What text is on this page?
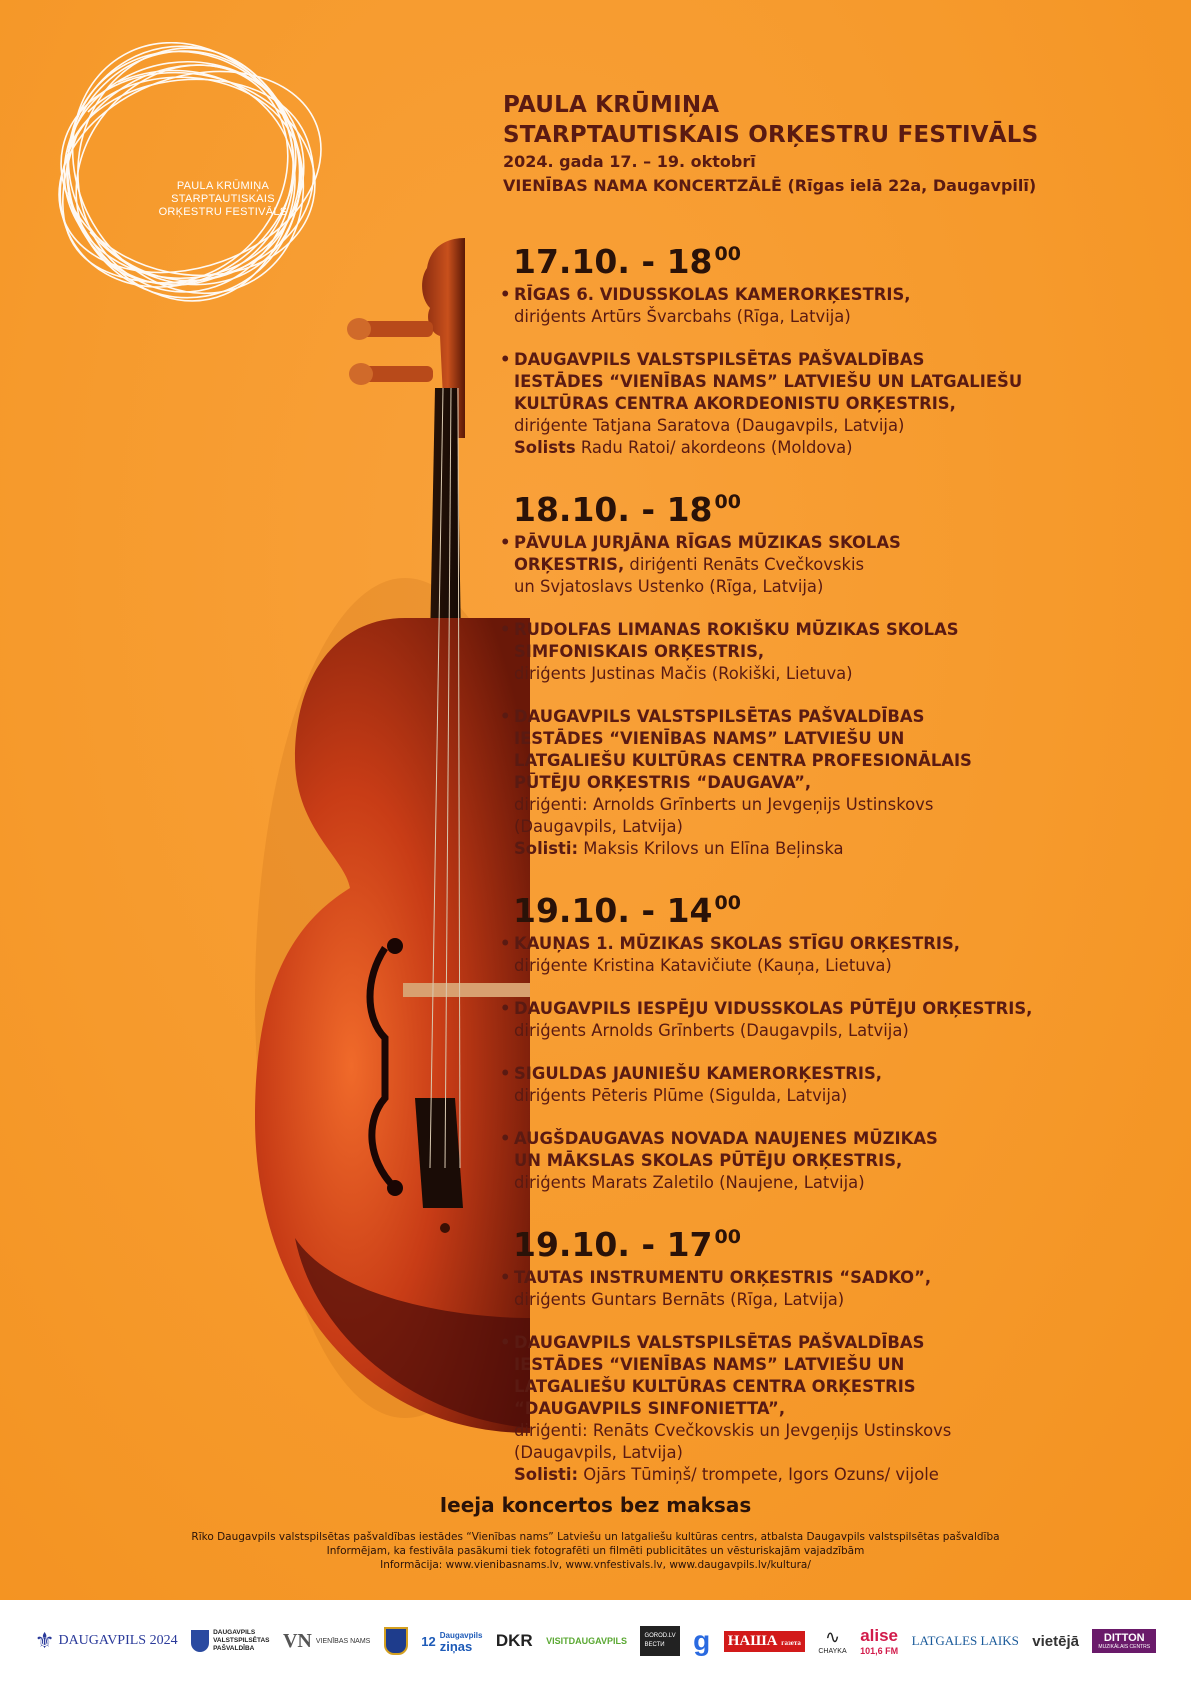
PAULA KRŪMIŅA
STARPTAUTISKAIS
ORĶESTRU FESTIVĀLS
PAULA KRŪMIŅA
STARPTAUTISKAIS ORĶESTRU FESTIVĀLS
2024. gada 17. – 19. oktobrī
VIENĪBAS NAMA KONCERTZĀLĒ (Rīgas ielā 22a, Daugavpilī)
17.10. - 18 $^{00}$
• RĪGAS 6. VIDUSSKOLAS KAMERORĶESTRIS,
diriģents Artūrs Švarcbahs (Rīga, Latvija)
• DAUGAVPILS VALSTSPILSĒTAS PAŠVALDĪBAS
IESTĀDES “VIENĪBAS NAMS” LATVIEŠU UN LATGALIEŠU
KULTŪRAS CENTRA AKORDEONISTU ORĶESTRIS,
diriģente Tatjana Saratova (Daugavpils, Latvija)
Solists Radu Ratoi/ akordeons (Moldova)
18.10. - 18 $^{00}$
• PĀVULA JURJĀNA RĪGAS MŪZIKAS SKOLAS
ORĶESTRIS, diriģenti Renāts Cvečkovskis
un Svjatoslavs Ustenko (Rīga, Latvija)
• RUDOLFAS LIMANAS ROKIŠKU MŪZIKAS SKOLAS
SIMFONISKAIS ORĶESTRIS,
diriģents Justinas Mačis (Rokiški, Lietuva)
• DAUGAVPILS VALSTSPILSĒTAS PAŠVALDĪBAS
IESTĀDES “VIENĪBAS NAMS” LATVIEŠU UN
LATGALIEŠU KULTŪRAS CENTRA PROFESIONĀLAIS
PŪTĒJU ORĶESTRIS “DAUGAVA”,
diriģenti: Arnolds Grīnberts un Jevgeņijs Ustinskovs
(Daugavpils, Latvija)
Solisti: Maksis Krilovs un Elīna Beļinska
19.10. - 14 $^{00}$
• KAUŅAS 1. MŪZIKAS SKOLAS STĪGU ORĶESTRIS,
diriģente Kristina Katavičiute (Kauņa, Lietuva)
• DAUGAVPILS IESPĒJU VIDUSSKOLAS PŪTĒJU ORĶESTRIS,
diriģents Arnolds Grīnberts (Daugavpils, Latvija)
• SIGULDAS JAUNIEŠU KAMERORĶESTRIS,
diriģents Pēteris Plūme (Sigulda, Latvija)
• AUGŠDAUGAVAS NOVADA NAUJENES MŪZIKAS
UN MĀKSLAS SKOLAS PŪTĒJU ORĶESTRIS,
diriģents Marats Zaletilo (Naujene, Latvija)
19.10. - 17 $^{00}$
• TAUTAS INSTRUMENTU ORĶESTRIS “SADKO”,
diriģents Guntars Bernāts (Rīga, Latvija)
• DAUGAVPILS VALSTSPILSĒTAS PAŠVALDĪBAS
IESTĀDES “VIENĪBAS NAMS” LATVIEŠU UN
LATGALIEŠU KULTŪRAS CENTRA ORĶESTRIS
“DAUGAVPILS SINFONIETTA”,
diriģenti: Renāts Cvečkovskis un Jevgeņijs Ustinskovs
(Daugavpils, Latvija)
Solisti: Ojārs Tūmiņš/ trompete, Igors Ozuns/ vijole
Ieeja koncertos bez maksas
Rīko Daugavpils valstspilsētas pašvaldības iestādes “Vienības nams” Latviešu un latgaliešu kultūras centrs, atbalsta Daugavpils valstspilsētas pašvaldība
Informējam, ka festivāla pasākumi tiek fotografēti un filmēti publicitātes un vēsturiskajām vajadzībām
Informācija: www.vienibasnams.lv, www.vnfestivals.lv, www.daugavpils.lv/kultura/
⚜ DAUGAVPILS 2024
DAUGAVPILS
VALSTSPILSĒTAS
PAŠVALDĪBA	VN VIENĪBAS NAMS	12 Daugavpils
ziņas	DKR VISITDAUGAVPILS	GOROD.LV
ВЕСТИ	g НАША газета ∿
CHAYKA
alise
101,6 FM
LATGALES LAIKS vietējā	DITTON
MUZIKĀLAIS CENTRS
